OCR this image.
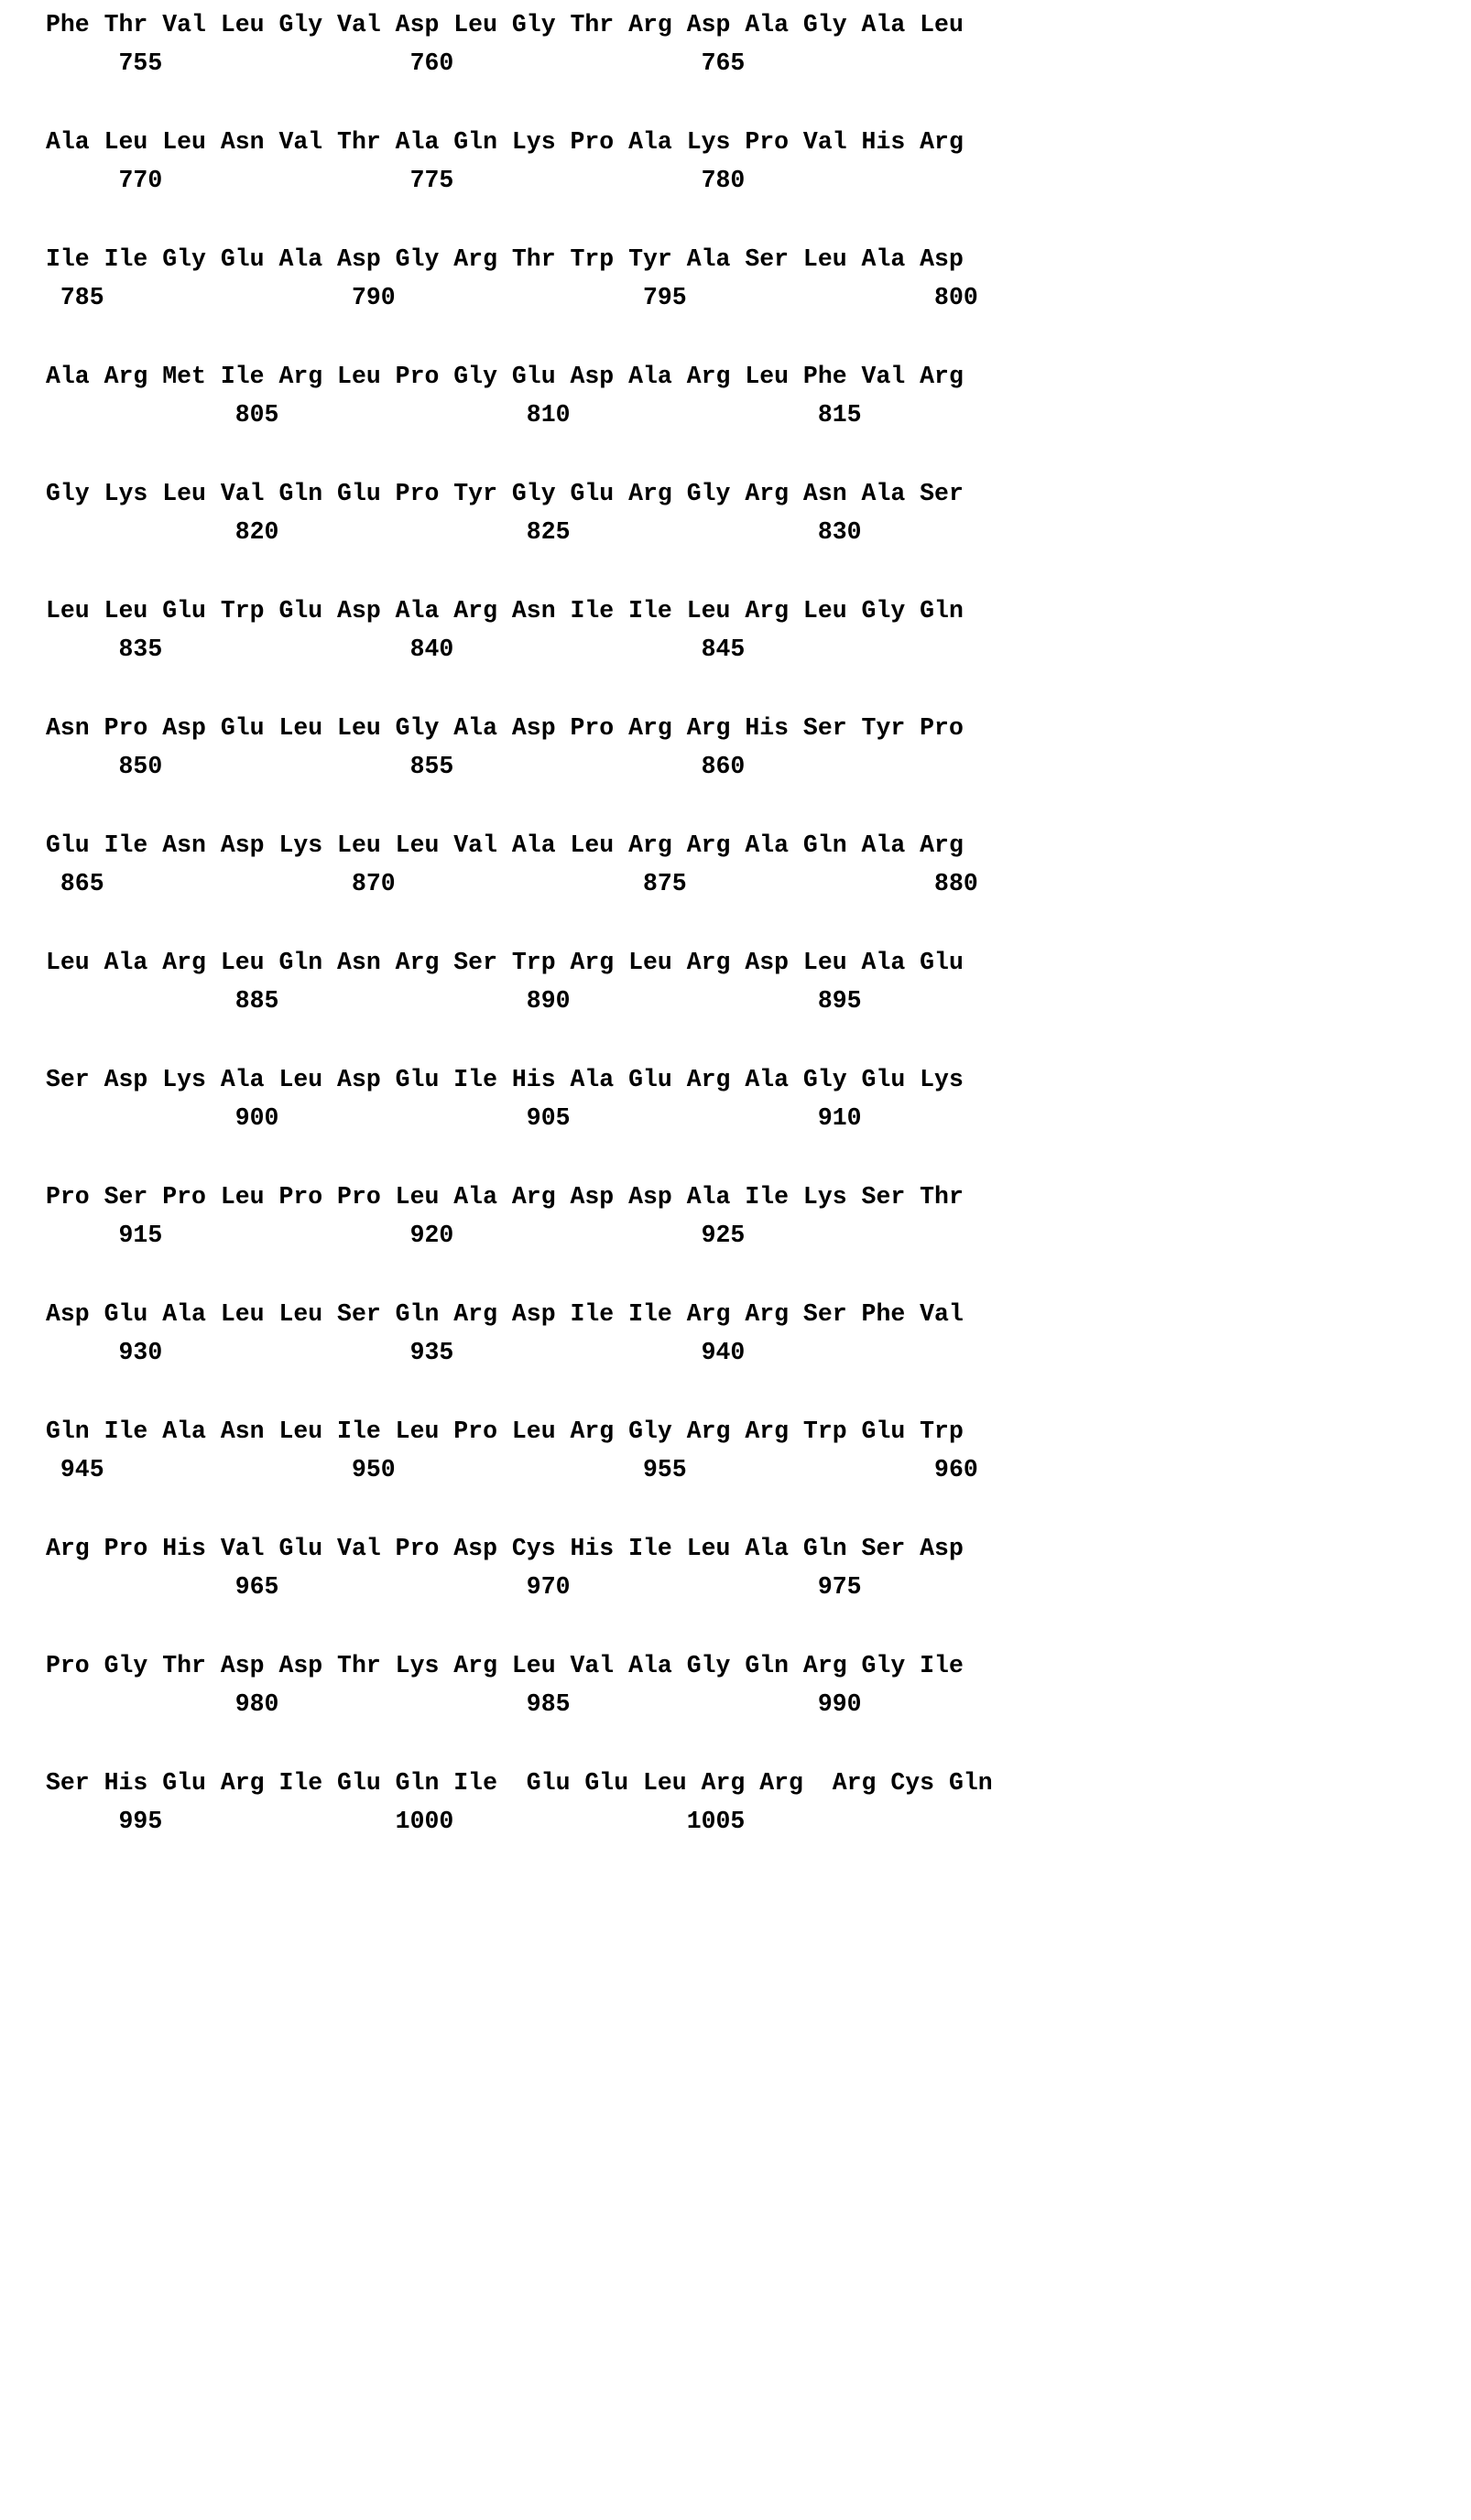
Phe Thr Val Leu Gly Val Asp Leu Gly Thr Arg Asp Ala Gly Ala Leu
755                 760                 765
Ala Leu Leu Asn Val Thr Ala Gln Lys Pro Ala Lys Pro Val His Arg
770                 775                 780
Ile Ile Gly Glu Ala Asp Gly Arg Thr Trp Tyr Ala Ser Leu Ala Asp
785                 790                 795                 800
Ala Arg Met Ile Arg Leu Pro Gly Glu Asp Ala Arg Leu Phe Val Arg
805                 810                 815
Gly Lys Leu Val Gln Glu Pro Tyr Gly Glu Arg Gly Arg Asn Ala Ser
820                 825                 830
Leu Leu Glu Trp Glu Asp Ala Arg Asn Ile Ile Leu Arg Leu Gly Gln
835                 840                 845
Asn Pro Asp Glu Leu Leu Gly Ala Asp Pro Arg Arg His Ser Tyr Pro
850                 855                 860
Glu Ile Asn Asp Lys Leu Leu Val Ala Leu Arg Arg Ala Gln Ala Arg
865                 870                 875                 880
Leu Ala Arg Leu Gln Asn Arg Ser Trp Arg Leu Arg Asp Leu Ala Glu
885                 890                 895
Ser Asp Lys Ala Leu Asp Glu Ile His Ala Glu Arg Ala Gly Glu Lys
900                 905                 910
Pro Ser Pro Leu Pro Pro Leu Ala Arg Asp Asp Ala Ile Lys Ser Thr
915                 920                 925
Asp Glu Ala Leu Leu Ser Gln Arg Asp Ile Ile Arg Arg Ser Phe Val
930                 935                 940
Gln Ile Ala Asn Leu Ile Leu Pro Leu Arg Gly Arg Arg Trp Glu Trp
945                 950                 955                 960
Arg Pro His Val Glu Val Pro Asp Cys His Ile Leu Ala Gln Ser Asp
965                 970                 975
Pro Gly Thr Asp Asp Thr Lys Arg Leu Val Ala Gly Gln Arg Gly Ile
980                 985                 990
Ser His Glu Arg Ile Glu Gln Ile  Glu Glu Leu Arg Arg  Arg Cys Gln
995                1000                1005
